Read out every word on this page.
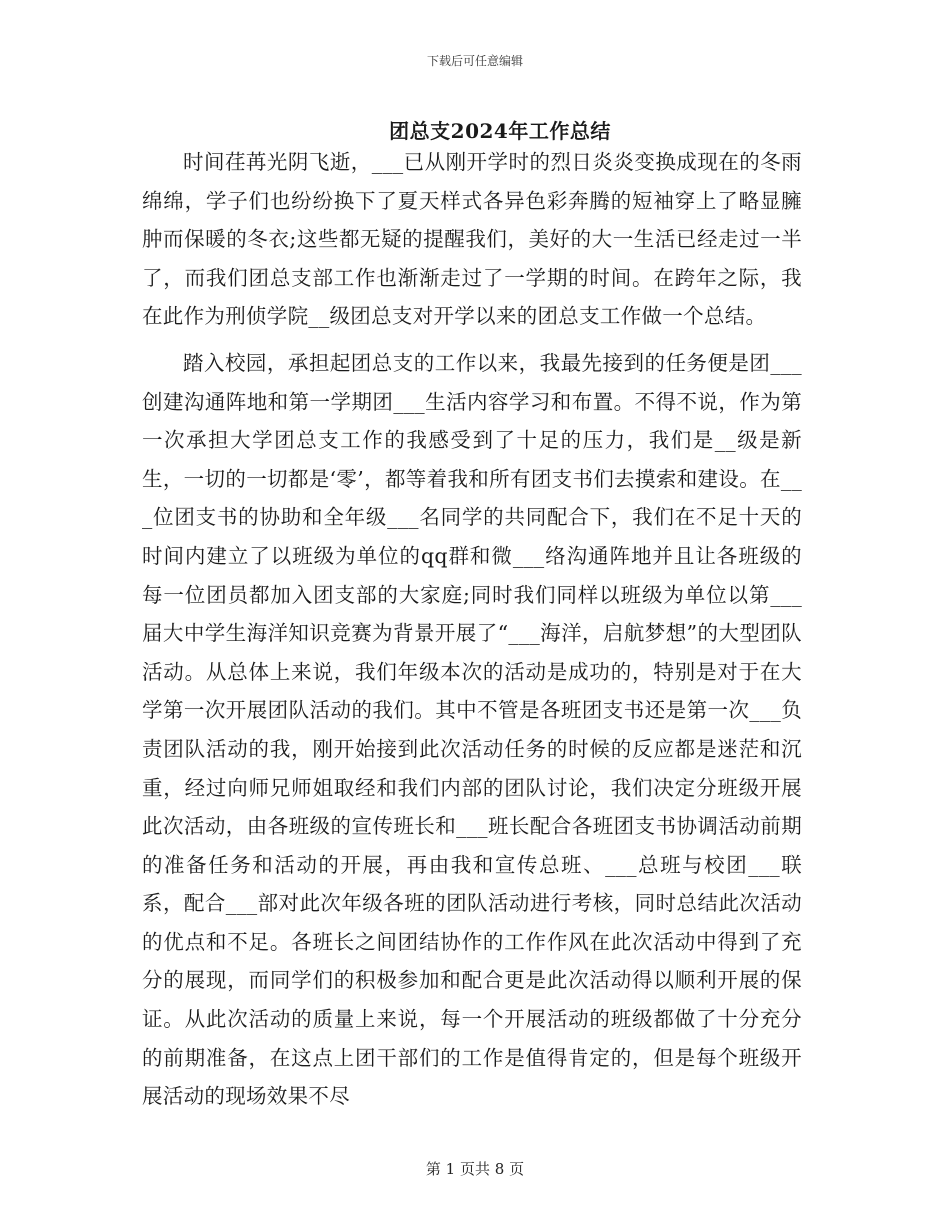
下载后可任意编辑
团总支2024年工作总结

时间荏苒光阴飞逝，___已从刚开学时的烈日炎炎变换成现在的冬雨绵绵，学子们也纷纷换下了夏天样式各异色彩奔腾的短袖穿上了略显臃肿而保暖的冬衣;这些都无疑的提醒我们，美好的大一生活已经走过一半了，而我们团总支部工作也渐渐走过了一学期的时间。在跨年之际，我在此作为刑侦学院__级团总支对开学以来的团总支工作做一个总结。

踏入校园，承担起团总支的工作以来，我最先接到的任务便是团___创建沟通阵地和第一学期团___生活内容学习和布置。不得不说，作为第一次承担大学团总支工作的我感受到了十足的压力，我们是__级是新生，一切的一切都是‘零’，都等着我和所有团支书们去摸索和建设。在___位团支书的协助和全年级___名同学的共同配合下，我们在不足十天的时间内建立了以班级为单位的qq群和微___络沟通阵地并且让各班级的每一位团员都加入团支部的大家庭;同时我们同样以班级为单位以第___届大中学生海洋知识竞赛为背景开展了“___海洋，启航梦想”的大型团队活动。从总体上来说，我们年级本次的活动是成功的，特别是对于在大学第一次开展团队活动的我们。其中不管是各班团支书还是第一次___负责团队活动的我，刚开始接到此次活动任务的时候的反应都是迷茫和沉重，经过向师兄师姐取经和我们内部的团队讨论，我们决定分班级开展此次活动，由各班级的宣传班长和___班长配合各班团支书协调活动前期的准备任务和活动的开展，再由我和宣传总班、___总班与校团___联系，配合___部对此次年级各班的团队活动进行考核，同时总结此次活动的优点和不足。各班长之间团结协作的工作作风在此次活动中得到了充分的展现，而同学们的积极参加和配合更是此次活动得以顺利开展的保证。从此次活动的质量上来说，每一个开展活动的班级都做了十分充分的前期准备，在这点上团干部们的工作是值得肯定的，但是每个班级开展活动的现场效果不尽

第 1 页共 8 页
